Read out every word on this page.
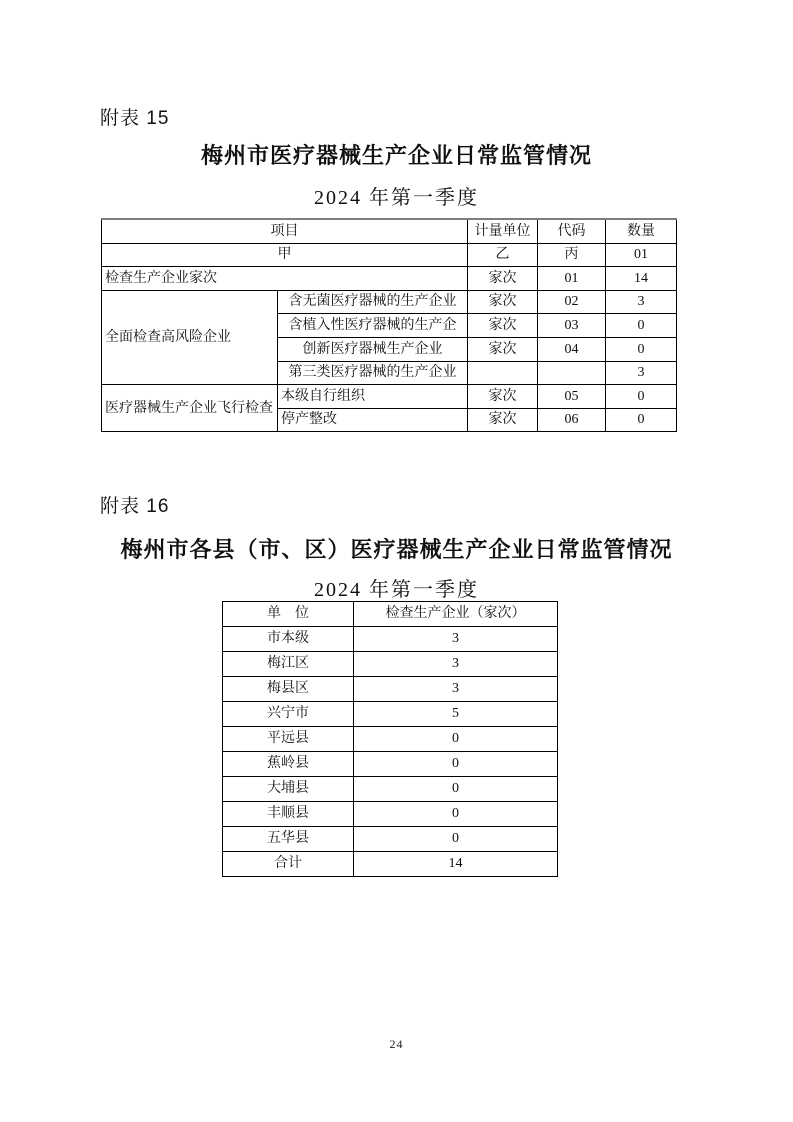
附表 15
梅州市医疗器械生产企业日常监管情况
2024 年第一季度
项目		计量单位	代码	数量
甲		乙	丙	01
检查生产企业家次		家次	01	14
全面检查高风险企业	含无菌医疗器械的生产企业	家次	02	3
	含植入性医疗器械的生产企	家次	03	0
	创新医疗器械生产企业	家次	04	0
	第三类医疗器械的生产企业			3
医疗器械生产企业飞行检查	本级自行组织	家次	05	0
	停产整改	家次	06	0
附表 16
梅州市各县（市、区）医疗器械生产企业日常监管情况
2024 年第一季度
单　位	检查生产企业（家次）
市本级	3
梅江区	3
梅县区	3
兴宁市	5
平远县	0
蕉岭县	0
大埔县	0
丰顺县	0
五华县	0
合计	14
24
